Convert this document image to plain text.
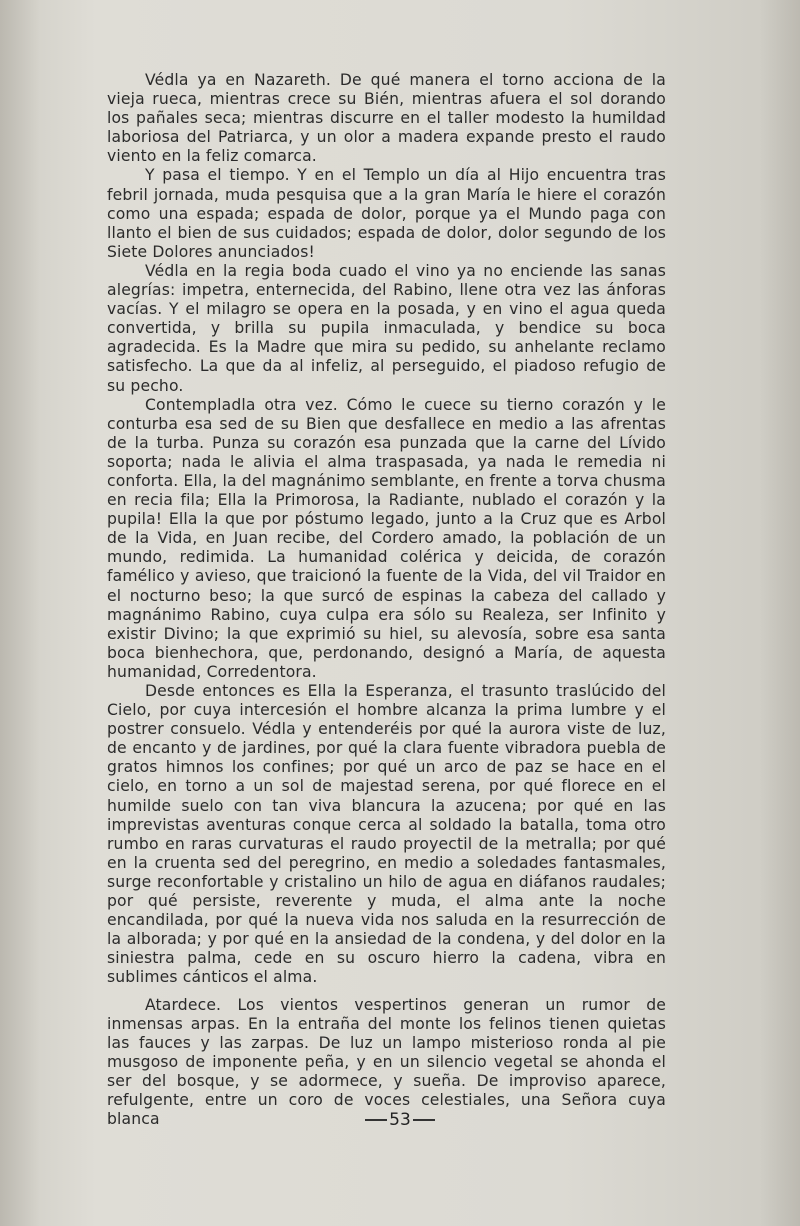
Védla ya en Nazareth. De qué manera el torno acciona de la vieja rueca, mientras crece su Bién, mientras afuera el sol dorando los pañales seca; mientras discurre en el taller modesto la humildad laboriosa del Patriarca, y un olor a madera expande presto el raudo viento en la feliz comarca.

Y pasa el tiempo. Y en el Templo un día al Hijo encuentra tras febril jornada, muda pesquisa que a la gran María le hiere el corazón como una espada; espada de dolor, porque ya el Mundo paga con llanto el bien de sus cuidados; espada de dolor, dolor segundo de los Siete Dolores anunciados!

Védla en la regia boda cuado el vino ya no enciende las sanas alegrías: impetra, enternecida, del Rabino, llene otra vez las ánforas vacías. Y el milagro se opera en la posada, y en vino el agua queda convertida, y brilla su pupila inmaculada, y bendice su boca agradecida. Es la Madre que mira su pedido, su anhelante reclamo satisfecho. La que da al infeliz, al perseguido, el piadoso refugio de su pecho.

Contempladla otra vez. Cómo le cuece su tierno corazón y le conturba esa sed de su Bien que desfallece en medio a las afrentas de la turba. Punza su corazón esa punzada que la carne del Lívido soporta; nada le alivia el alma traspasada, ya nada le remedia ni conforta. Ella, la del magnánimo semblante, en frente a torva chusma en recia fila; Ella la Primorosa, la Radiante, nublado el corazón y la pupila! Ella la que por póstumo legado, junto a la Cruz que es Arbol de la Vida, en Juan recibe, del Cordero amado, la población de un mundo, redimida. La humanidad colérica y deicida, de corazón famélico y avieso, que traicionó la fuente de la Vida, del vil Traidor en el nocturno beso; la que surcó de espinas la cabeza del callado y magnánimo Rabino, cuya culpa era sólo su Realeza, ser Infinito y existir Divino; la que exprimió su hiel, su alevosía, sobre esa santa boca bienhechora, que, perdonando, designó a María, de aquesta humanidad, Corredentora.

Desde entonces es Ella la Esperanza, el trasunto traslúcido del Cielo, por cuya intercesión el hombre alcanza la prima lumbre y el postrer consuelo. Védla y entenderéis por qué la aurora viste de luz, de encanto y de jardines, por qué la clara fuente vibradora puebla de gratos himnos los confines; por qué un arco de paz se hace en el cielo, en torno a un sol de majestad serena, por qué florece en el humilde suelo con tan viva blancura la azucena; por qué en las imprevistas aventuras conque cerca al soldado la batalla, toma otro rumbo en raras curvaturas el raudo proyectil de la metralla; por qué en la cruenta sed del peregrino, en medio a soledades fantasmales, surge reconfortable y cristalino un hilo de agua en diáfanos raudales; por qué persiste, reverente y muda, el alma ante la noche encandilada, por qué la nueva vida nos saluda en la resurrección de la alborada; y por qué en la ansiedad de la condena, y del dolor en la siniestra palma, cede en su oscuro hierro la cadena, vibra en sublimes cánticos el alma.

Atardece. Los vientos vespertinos generan un rumor de inmensas arpas. En la entraña del monte los felinos tienen quietas las fauces y las zarpas. De luz un lampo misterioso ronda al pie musgoso de imponente peña, y en un silencio vegetal se ahonda el ser del bosque, y se adormece, y sueña. De improviso aparece, refulgente, entre un coro de voces celestiales, una Señora cuya blanca	53
